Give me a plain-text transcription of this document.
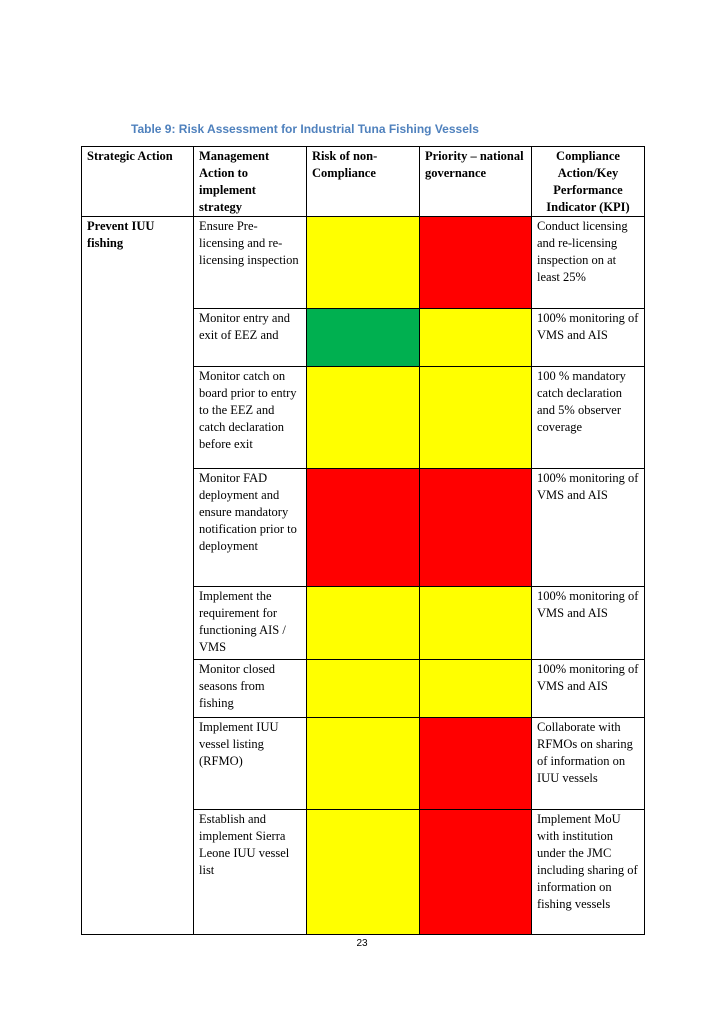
Table 9: Risk Assessment for Industrial Tuna Fishing Vessels
Strategic Action	Management Action to implement strategy	Risk of non-Compliance	Priority – national governance	Compliance Action/Key Performance Indicator (KPI)
Prevent IUU fishing	Ensure Pre-licensing and re-licensing inspection			Conduct licensing and re-licensing inspection on at least 25%
	Monitor entry and exit of EEZ and			100% monitoring of VMS and AIS
	Monitor catch on board prior to entry to the EEZ and catch declaration before exit			100 % mandatory catch declaration and 5% observer coverage
	Monitor FAD deployment and ensure mandatory notification prior to deployment			100% monitoring of VMS and AIS
	Implement the requirement for functioning AIS / VMS			100% monitoring of VMS and AIS
	Monitor closed seasons from fishing			100% monitoring of VMS and AIS
	Implement IUU vessel listing (RFMO)			Collaborate with RFMOs on sharing of information on IUU vessels
	Establish and implement Sierra Leone IUU vessel list			Implement MoU with institution under the JMC including sharing of information on fishing vessels
23
